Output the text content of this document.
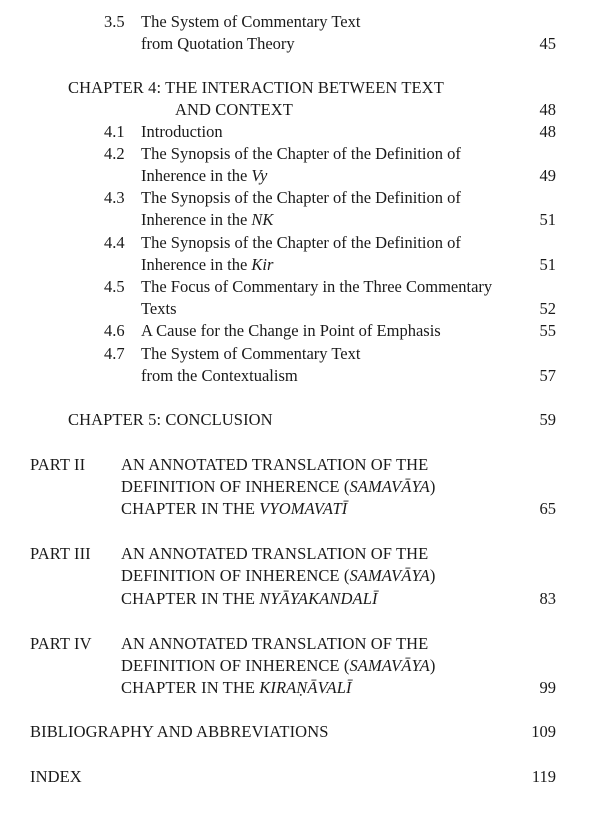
3.5 The System of Commentary Text
from Quotation Theory	45
CHAPTER 4: THE INTERACTION BETWEEN TEXT
AND CONTEXT	48
4.1 Introduction	48
4.2 The Synopsis of the Chapter of the Definition of
Inherence in the Vy	49
4.3 The Synopsis of the Chapter of the Definition of
Inherence in the NK	51
4.4 The Synopsis of the Chapter of the Definition of
Inherence in the Kir	51
4.5 The Focus of Commentary in the Three Commentary
Texts	52
4.6 A Cause for the Change in Point of Emphasis	55
4.7 The System of Commentary Text
from the Contextualism	57
CHAPTER 5: CONCLUSION	59
PART II AN ANNOTATED TRANSLATION OF THE
DEFINITION OF INHERENCE (SAMAVĀYA)
CHAPTER IN THE VYOMAVATĪ	65
PART III AN ANNOTATED TRANSLATION OF THE
DEFINITION OF INHERENCE (SAMAVĀYA)
CHAPTER IN THE NYĀYAKANDALĪ	83
PART IV AN ANNOTATED TRANSLATION OF THE
DEFINITION OF INHERENCE (SAMAVĀYA)
CHAPTER IN THE KIRAṆĀVALĪ	99
BIBLIOGRAPHY AND ABBREVIATIONS	109
INDEX	119
